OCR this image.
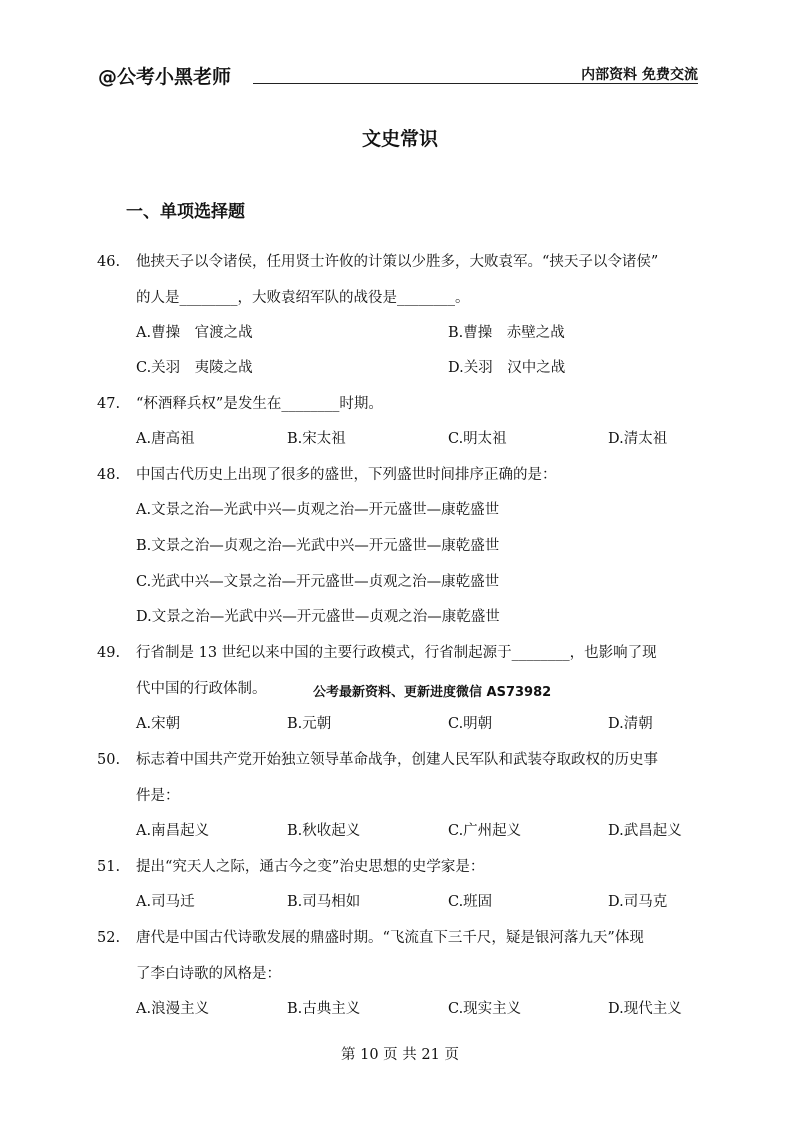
@公考小黑老师	内部资料 免费交流
文史常识
一、单项选择题
46. 他挟天子以令诸侯，任用贤士许攸的计策以少胜多，大败袁军。“挟天子以令诸侯”
的人是________，大败袁绍军队的战役是________。
A.曹操　官渡之战	B.曹操　赤壁之战
C.关羽　夷陵之战	D.关羽　汉中之战
47. “杯酒释兵权”是发生在________时期。
A.唐高祖	B.宋太祖	C.明太祖	D.清太祖
48. 中国古代历史上出现了很多的盛世，下列盛世时间排序正确的是：
A.文景之治—光武中兴—贞观之治—开元盛世—康乾盛世
B.文景之治—贞观之治—光武中兴—开元盛世—康乾盛世
C.光武中兴—文景之治—开元盛世—贞观之治—康乾盛世
D.文景之治—光武中兴—开元盛世—贞观之治—康乾盛世
49. 行省制是 13 世纪以来中国的主要行政模式，行省制起源于________，也影响了现
代中国的行政体制。	公考最新资料、更新进度微信 AS73982
A.宋朝	B.元朝	C.明朝	D.清朝
50. 标志着中国共产党开始独立领导革命战争，创建人民军队和武装夺取政权的历史事
件是：
A.南昌起义	B.秋收起义	C.广州起义	D.武昌起义
51. 提出“究天人之际，通古今之变”治史思想的史学家是：
A.司马迁	B.司马相如	C.班固	D.司马克
52. 唐代是中国古代诗歌发展的鼎盛时期。“飞流直下三千尺，疑是银河落九天”体现
了李白诗歌的风格是：
A.浪漫主义	B.古典主义	C.现实主义	D.现代主义
第 10 页 共 21 页
